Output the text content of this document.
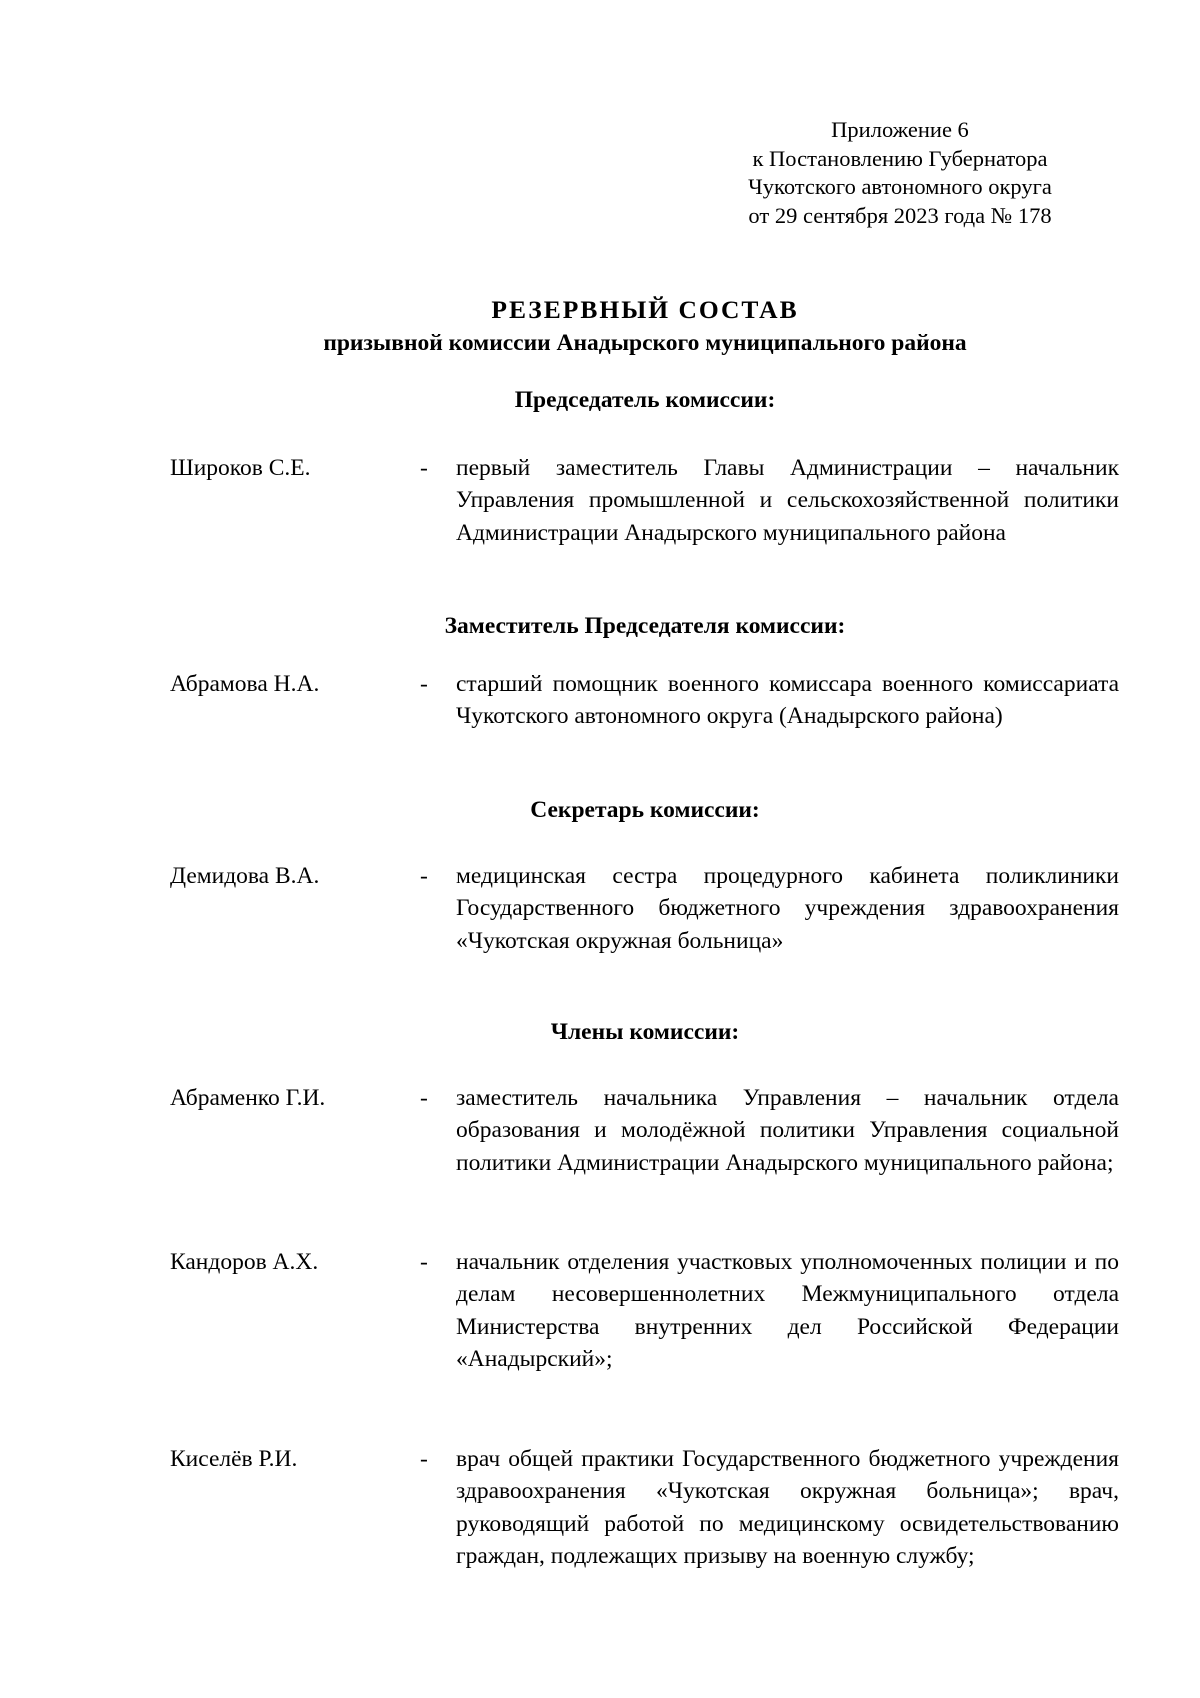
Приложение 6
к Постановлению Губернатора
Чукотского автономного округа
от 29 сентября 2023 года № 178
РЕЗЕРВНЫЙ СОСТАВ
призывной комиссии Анадырского муниципального района
Председатель комиссии:
Широков С.Е.	- первый заместитель Главы Администрации – начальник Управления промышленной и сельскохозяйственной политики Администрации Анадырского муниципального района
Заместитель Председателя комиссии:
Абрамова Н.А.	- старший помощник военного комиссара военного комиссариата Чукотского автономного округа (Анадырского района)
Секретарь комиссии:
Демидова В.А.	- медицинская сестра процедурного кабинета поликлиники Государственного бюджетного учреждения здравоохранения «Чукотская окружная больница»
Члены комиссии:
Абраменко Г.И.	- заместитель начальника Управления – начальник отдела образования и молодёжной политики Управления социальной политики Администрации Анадырского муниципального района;
Кандоров А.Х.	- начальник отделения участковых уполномоченных полиции и по делам несовершеннолетних Межмуниципального отдела Министерства внутренних дел Российской Федерации «Анадырский»;
Киселёв Р.И.	- врач общей практики Государственного бюджетного учреждения здравоохранения «Чукотская окружная больница»; врач, руководящий работой по медицинскому освидетельствованию граждан, подлежащих призыву на военную службу;
